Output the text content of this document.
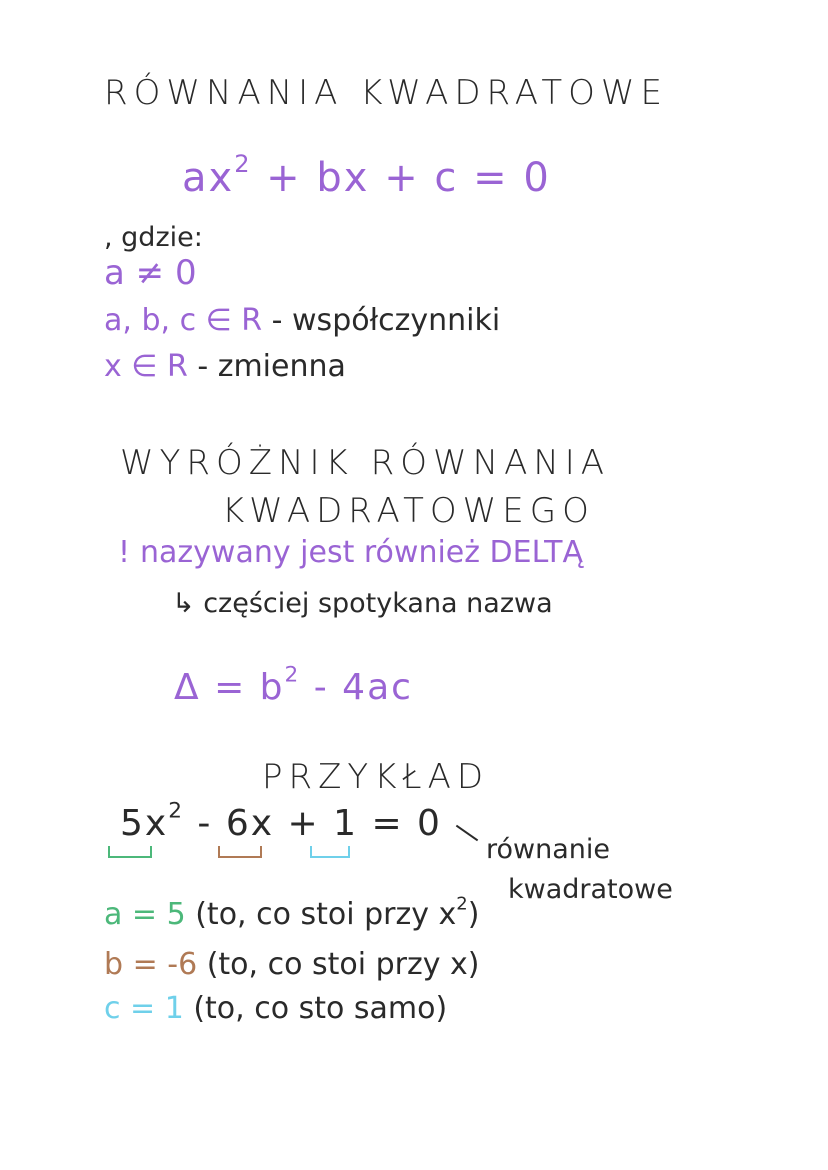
RÓWNANIA KWADRATOWE
$ax^2$ + bx + c = 0
, gdzie:
a ≠ 0
a, b, c ∈ R - współczynniki
x ∈ R - zmienna
WYRÓŻNIK RÓWNANIA
KWADRATOWEGO
! nazywany jest również DELTĄ
↳ częściej spotykana nazwa
$\Delta = b^2 - 4ac$
PRZYKŁAD
$5x^2 - 6x + 1 = 0$
równanie
kwadratowe
a = 5 (to, co stoi przy $x^2$)
b = -6 (to, co stoi przy x)
c = 1 (to, co sto samo)
